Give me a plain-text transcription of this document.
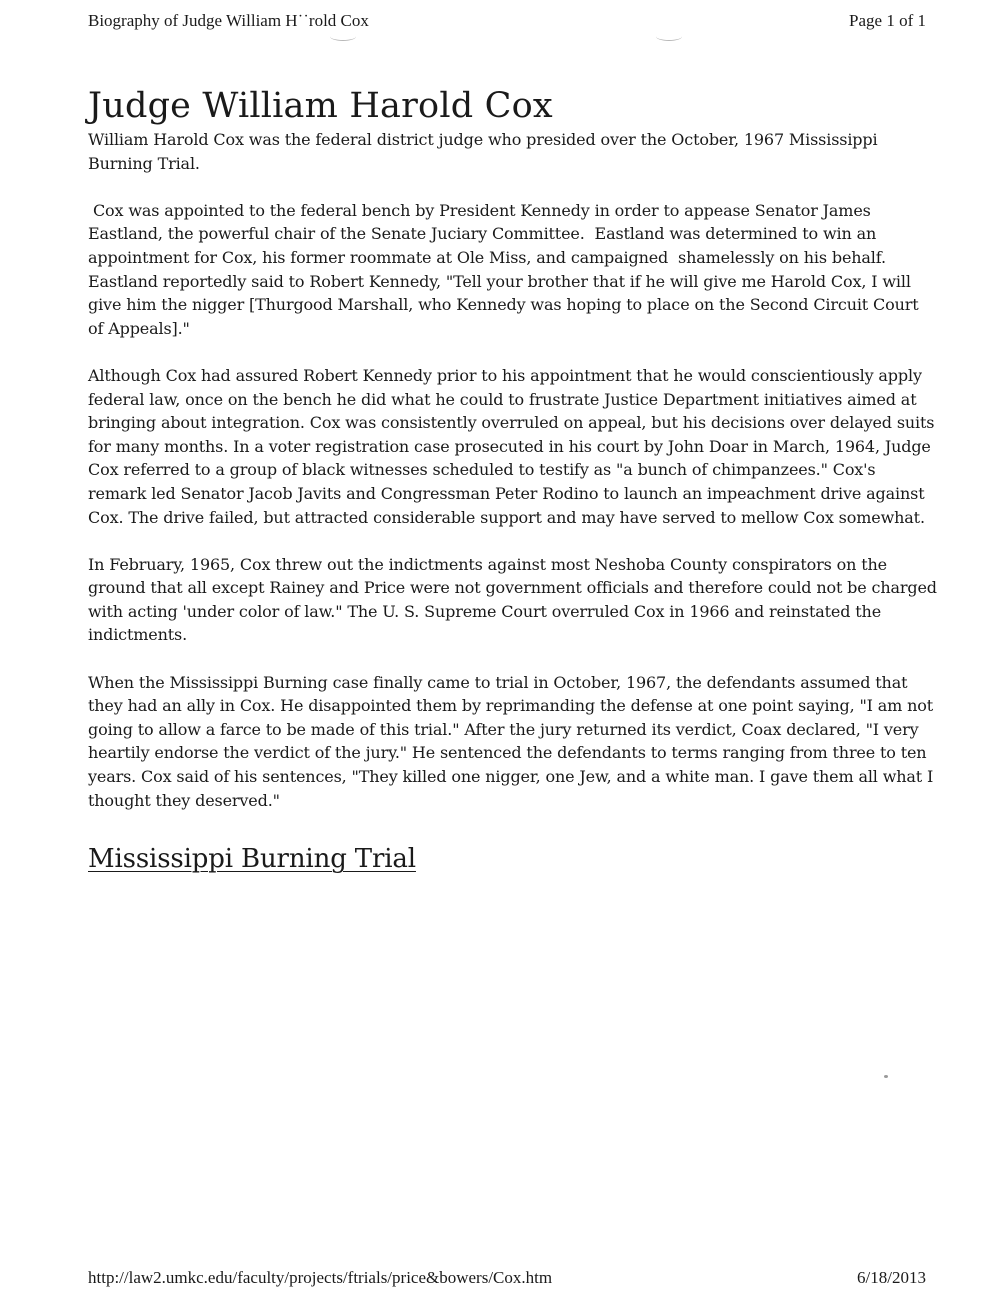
Biography of Judge William H˙˙rold Cox	Page 1 of 1
Judge William Harold Cox

William Harold Cox was the federal district judge who presided over the October, 1967 Mississippi Burning Trial.

Cox was appointed to the federal bench by President Kennedy in order to appease Senator James Eastland, the powerful chair of the Senate Juciary Committee.  Eastland was determined to win an appointment for Cox, his former roommate at Ole Miss, and campaigned  shamelessly on his behalf.  Eastland reportedly said to Robert Kennedy, "Tell your brother that if he will give me Harold Cox, I will give him the nigger [Thurgood Marshall, who Kennedy was hoping to place on the Second Circuit Court of Appeals]."

Although Cox had assured Robert Kennedy prior to his appointment that he would conscientiously apply federal law, once on the bench he did what he could to frustrate Justice Department initiatives aimed at bringing about integration. Cox was consistently overruled on appeal, but his decisions over delayed suits for many months. In a voter registration case prosecuted in his court by John Doar in March, 1964, Judge Cox referred to a group of black witnesses scheduled to testify as "a bunch of chimpanzees." Cox's remark led Senator Jacob Javits and Congressman Peter Rodino to launch an impeachment drive against Cox. The drive failed, but attracted considerable support and may have served to mellow Cox somewhat.

In February, 1965, Cox threw out the indictments against most Neshoba County conspirators on the ground that all except Rainey and Price were not government officials and therefore could not be charged with acting 'under color of law." The U. S. Supreme Court overruled Cox in 1966 and reinstated the indictments.

When the Mississippi Burning case finally came to trial in October, 1967, the defendants assumed that they had an ally in Cox. He disappointed them by reprimanding the defense at one point saying, "I am not going to allow a farce to be made of this trial." After the jury returned its verdict, Coax declared, "I very heartily endorse the verdict of the jury." He sentenced the defendants to terms ranging from three to ten years. Cox said of his sentences, "They killed one nigger, one Jew, and a white man. I gave them all what I thought they deserved."

Mississippi Burning Trial
http://law2.umkc.edu/faculty/projects/ftrials/price&bowers/Cox.htm	6/18/2013
